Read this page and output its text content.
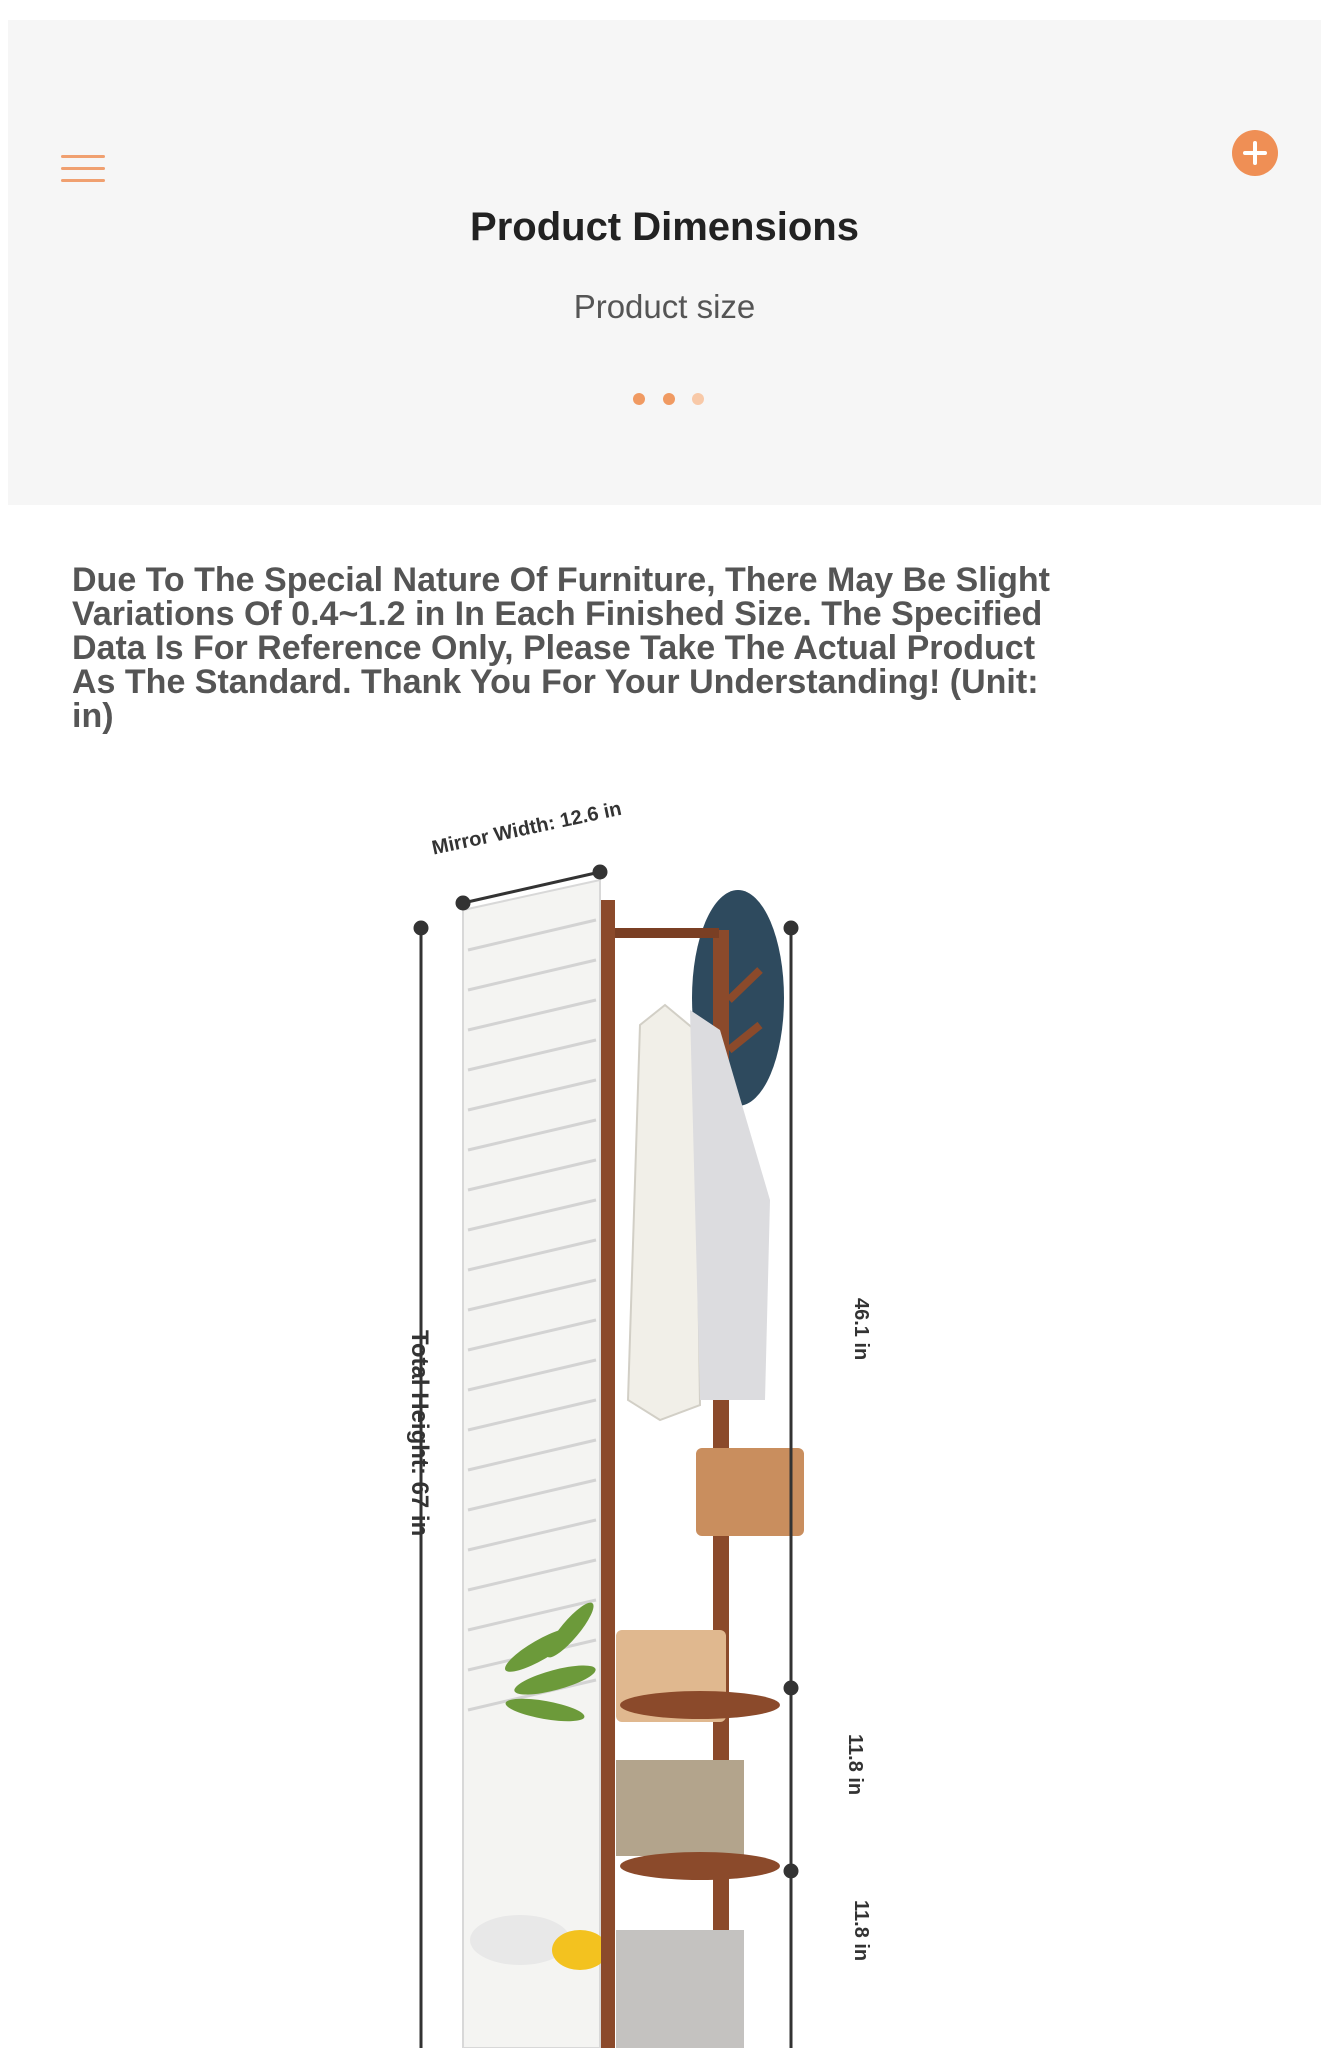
Product Dimensions
Product size
Due To The Special Nature Of Furniture, There May Be Slight Variations Of 0.4~1.2 in In Each Finished Size. The Specified Data Is For Reference Only, Please Take The Actual Product As The Standard. Thank You For Your Understanding! (Unit: in)
Mirror Width: 12.6 in
Total Height: 67 in
46.1 in
11.8 in
11.8 in
